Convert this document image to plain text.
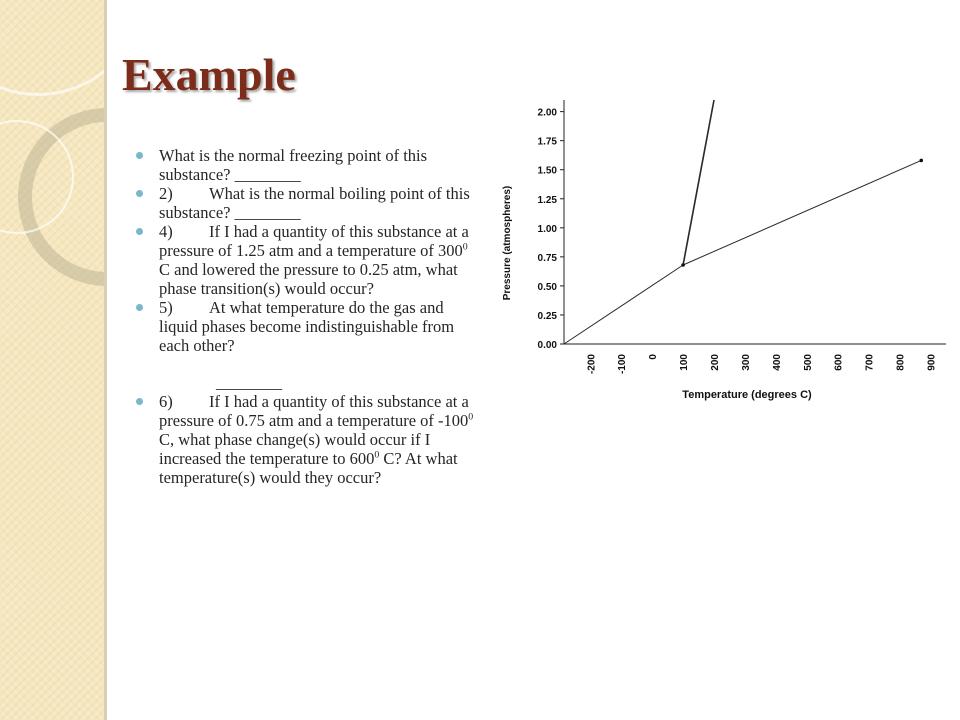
Example
What is the normal freezing point of this substance? ________
2) What is the normal boiling point of this substance? ________
4) If I had a quantity of this substance at a pressure of 1.25 atm and a temperature of $300^0$ C and lowered the pressure to 0.25 atm, what phase transition(s) would occur?
5) At what temperature do the gas and liquid phases become indistinguishable from each other?
________
6) If I had a quantity of this substance at a pressure of 0.75 atm and a temperature of $-100^0$ C, what phase change(s) would occur if I increased the temperature to $600^0$ C? At what temperature(s) would they occur?
0.00
0.25
0.50
0.75
1.00
1.25
1.50
1.75
2.00
-200 -100 0 100 200 300 400 500 600 700 800 900
Temperature (degrees C)
Pressure (atmospheres)
